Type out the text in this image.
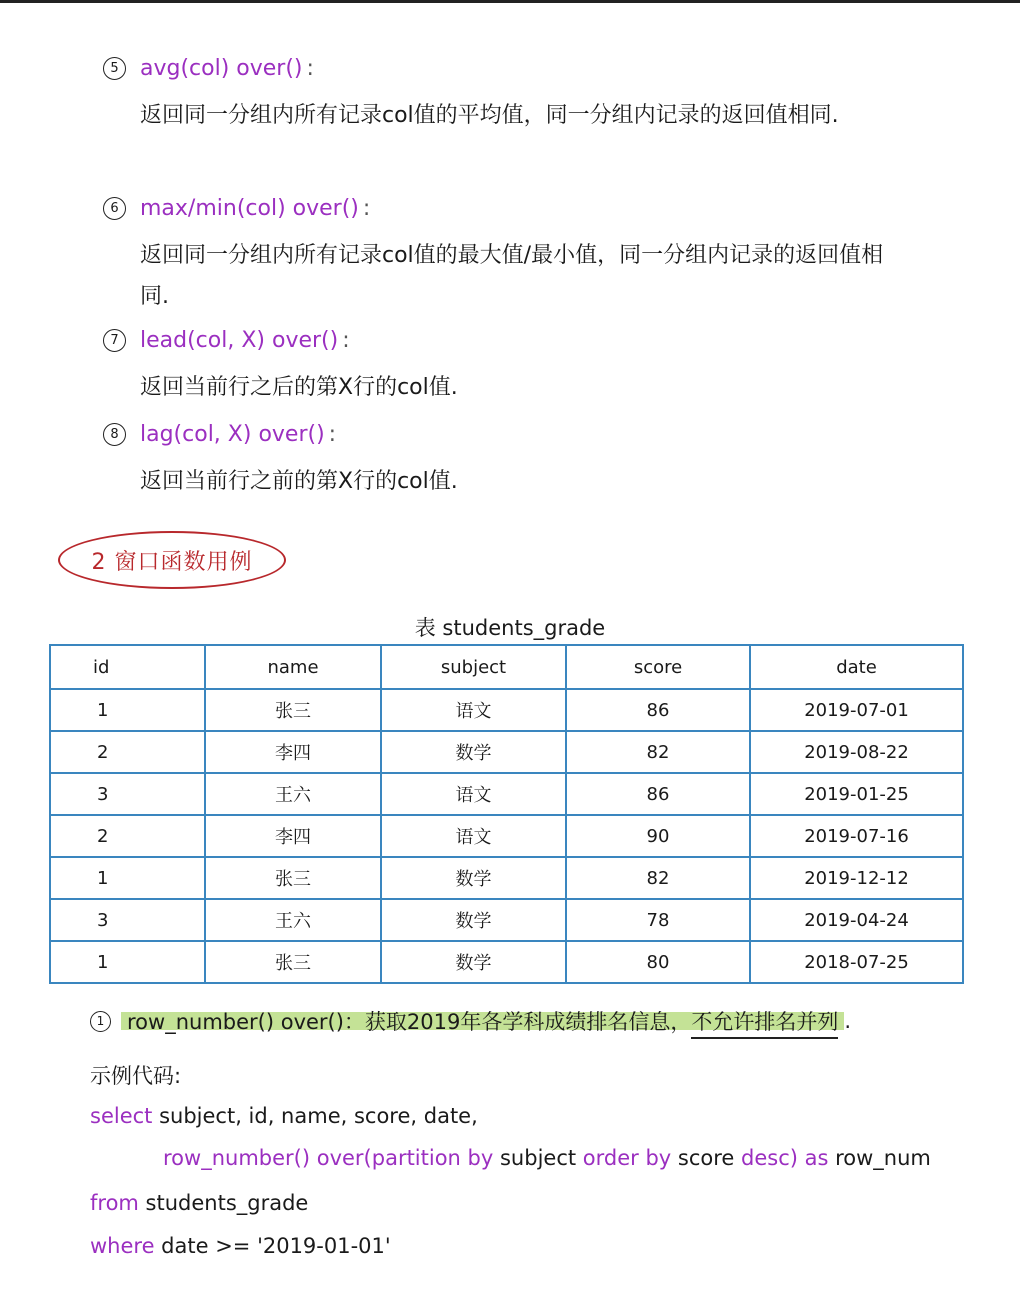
5 avg(col) over() :
返回同一分组内所有记录col值的平均值，同一分组内记录的返回值相同.
6 max/min(col) over() :
返回同一分组内所有记录col值的最大值/最小值，同一分组内记录的返回值相同.
7 lead(col, X) over() :
返回当前行之后的第X行的col值.
8 lag(col, X) over() :
返回当前行之前的第X行的col值.
2 窗口函数用例
表 students_grade
id	name	subject	score	date
1	张三	语文	86	2019-07-01
2	李四	数学	82	2019-08-22
3	王六	语文	86	2019-01-25
2	李四	语文	90	2019-07-16
1	张三	数学	82	2019-12-12
3	王六	数学	78	2019-04-24
1	张三	数学	80	2018-07-25
1	row_number() over()：获取2019年各学科成绩排名信息，不允许排名并列 .
示例代码:
select subject, id, name, score, date,
row_number() over(partition by subject order by score desc) as row_num
from students_grade
where date >= '2019-01-01'
